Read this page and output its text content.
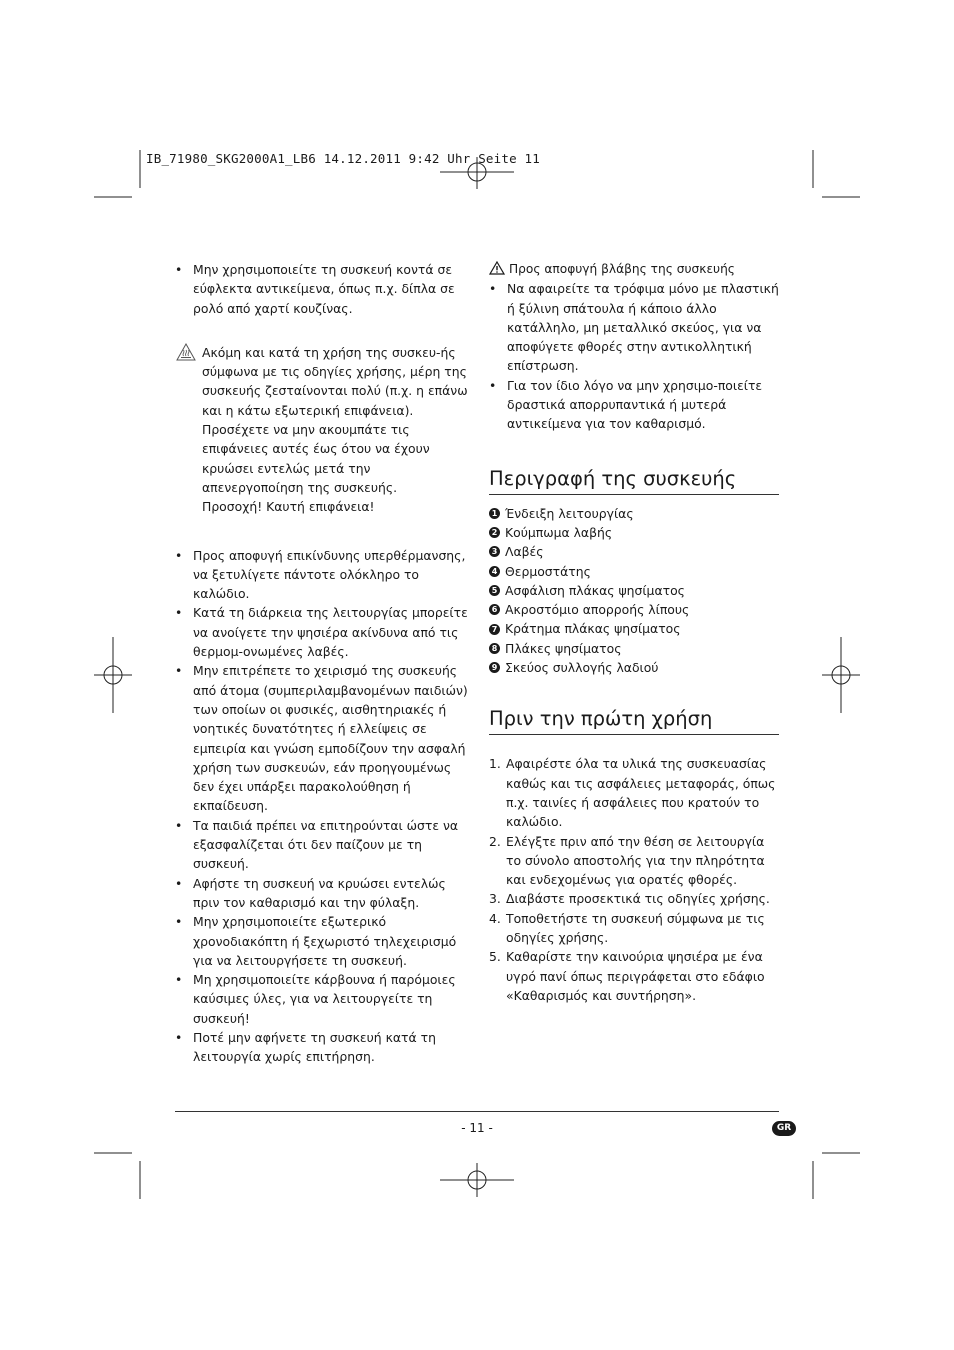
IB_71980_SKG2000A1_LB6 14.12.2011 9:42 Uhr Seite 11
• Μην χρησιμοποιείτε τη συσκευή κοντά σε εύφλεκτα αντικείμενα, όπως π.χ. δίπλα σε ρολό από χαρτί κουζίνας.
Ακόμη και κατά τη χρήση της συσκευ-ής σύμφωνα με τις οδηγίες χρήσης, μέρη της συσκευής ζεσταίνονται πολύ (π.χ. η επάνω και η κάτω εξωτερική επιφάνεια). Προσέχετε να μην ακουμπάτε τις επιφάνειες αυτές έως ότου να έχουν κρυώσει εντελώς μετά την απενεργοποίηση της συσκευής.
Προσοχή! Καυτή επιφάνεια!
• Προς αποφυγή επικίνδυνης υπερθέρμανσης, να ξετυλίγετε πάντοτε ολόκληρο το καλώδιο.
• Κατά τη διάρκεια της λειτουργίας μπορείτε να ανοίγετε την ψησιέρα ακίνδυνα από τις θερμομ-ονωμένες λαβές.
• Μην επιτρέπετε το χειρισμό της συσκευής από άτομα (συμπεριλαμβανομένων παιδιών) των οποίων οι φυσικές, αισθητηριακές ή νοητικές δυνατότητες ή ελλείψεις σε εμπειρία και γνώση εμποδίζουν την ασφαλή χρήση των συσκευών, εάν προηγουμένως δεν έχει υπάρξει παρακολούθηση ή εκπαίδευση.
• Τα παιδιά πρέπει να επιτηρούνται ώστε να εξασφαλίζεται ότι δεν παίζουν με τη συσκευή.
• Αφήστε τη συσκευή να κρυώσει εντελώς πριν τον καθαρισμό και την φύλαξη.
• Μην χρησιμοποιείτε εξωτερικό χρονοδιακόπτη ή ξεχωριστό τηλεχειρισμό για να λειτουργήσετε τη συσκευή.
• Μη χρησιμοποιείτε κάρβουνα ή παρόμοιες καύσιμες ύλες, για να λειτουργείτε τη συσκευή!
• Ποτέ μην αφήνετε τη συσκευή κατά τη λειτουργία χωρίς επιτήρηση.
Προς αποφυγή βλάβης της συσκευής
• Να αφαιρείτε τα τρόφιμα μόνο με πλαστική ή ξύλινη σπάτουλα ή κάποιο άλλο κατάλληλο, μη μεταλλικό σκεύος, για να αποφύγετε φθορές στην αντικολλητική επίστρωση.
• Για τον ίδιο λόγο να μην χρησιμο-ποιείτε δραστικά απορρυπαντικά ή μυτερά αντικείμενα για τον καθαρισμό.
Περιγραφή της συσκευής
1 Ένδειξη λειτουργίας
2 Κούμπωμα λαβής
3 Λαβές
4 Θερμοστάτης
5 Ασφάλιση πλάκας ψησίματος
6 Ακροστόμιο απορροής λίπους
7 Κράτημα πλάκας ψησίματος
8 Πλάκες ψησίματος
9 Σκεύος συλλογής λαδιού
Πριν την πρώτη χρήση
1. Αφαιρέστε όλα τα υλικά της συσκευασίας καθώς και τις ασφάλειες μεταφοράς, όπως π.χ. ταινίες ή ασφάλειες που κρατούν το καλώδιο.
2. Ελέγξτε πριν από την θέση σε λειτουργία το σύνολο αποστολής για την πληρότητα και ενδεχομένως για ορατές φθορές.
3. Διαβάστε προσεκτικά τις οδηγίες χρήσης.
4. Τοποθετήστε τη συσκευή σύμφωνα με τις οδηγίες χρήσης.
5. Καθαρίστε την καινούρια ψησιέρα με ένα υγρό πανί όπως περιγράφεται στο εδάφιο «Καθαρισμός και συντήρηση».
- 11 -	GR
